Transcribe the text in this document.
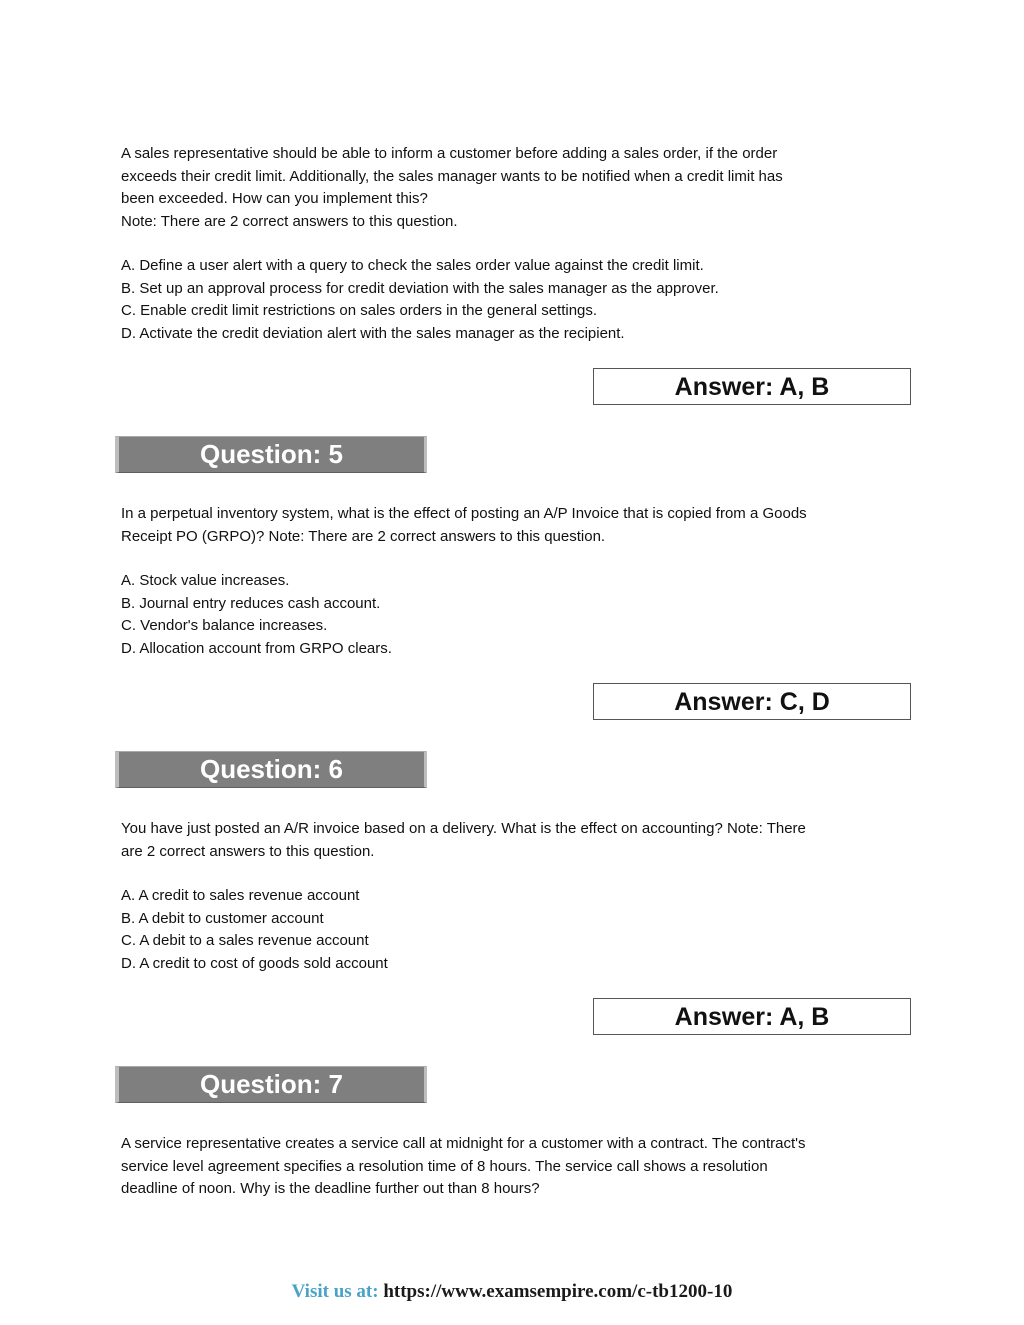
A sales representative should be able to inform a customer before adding a sales order, if the order
exceeds their credit limit. Additionally, the sales manager wants to be notified when a credit limit has
been exceeded. How can you implement this?
Note: There are 2 correct answers to this question.
A. Define a user alert with a query to check the sales order value against the credit limit.
B. Set up an approval process for credit deviation with the sales manager as the approver.
C. Enable credit limit restrictions on sales orders in the general settings.
D. Activate the credit deviation alert with the sales manager as the recipient.
Answer: A, B
Question: 5
In a perpetual inventory system, what is the effect of posting an A/P Invoice that is copied from a Goods
Receipt PO (GRPO)? Note: There are 2 correct answers to this question.
A. Stock value increases.
B. Journal entry reduces cash account.
C. Vendor's balance increases.
D. Allocation account from GRPO clears.
Answer: C, D
Question: 6
You have just posted an A/R invoice based on a delivery. What is the effect on accounting? Note: There
are 2 correct answers to this question.
A. A credit to sales revenue account
B. A debit to customer account
C. A debit to a sales revenue account
D. A credit to cost of goods sold account
Answer: A, B
Question: 7
A service representative creates a service call at midnight for a customer with a contract. The contract's
service level agreement specifies a resolution time of 8 hours. The service call shows a resolution
deadline of noon. Why is the deadline further out than 8 hours?
Visit us at: https://www.examsempire.com/c-tb1200-10
